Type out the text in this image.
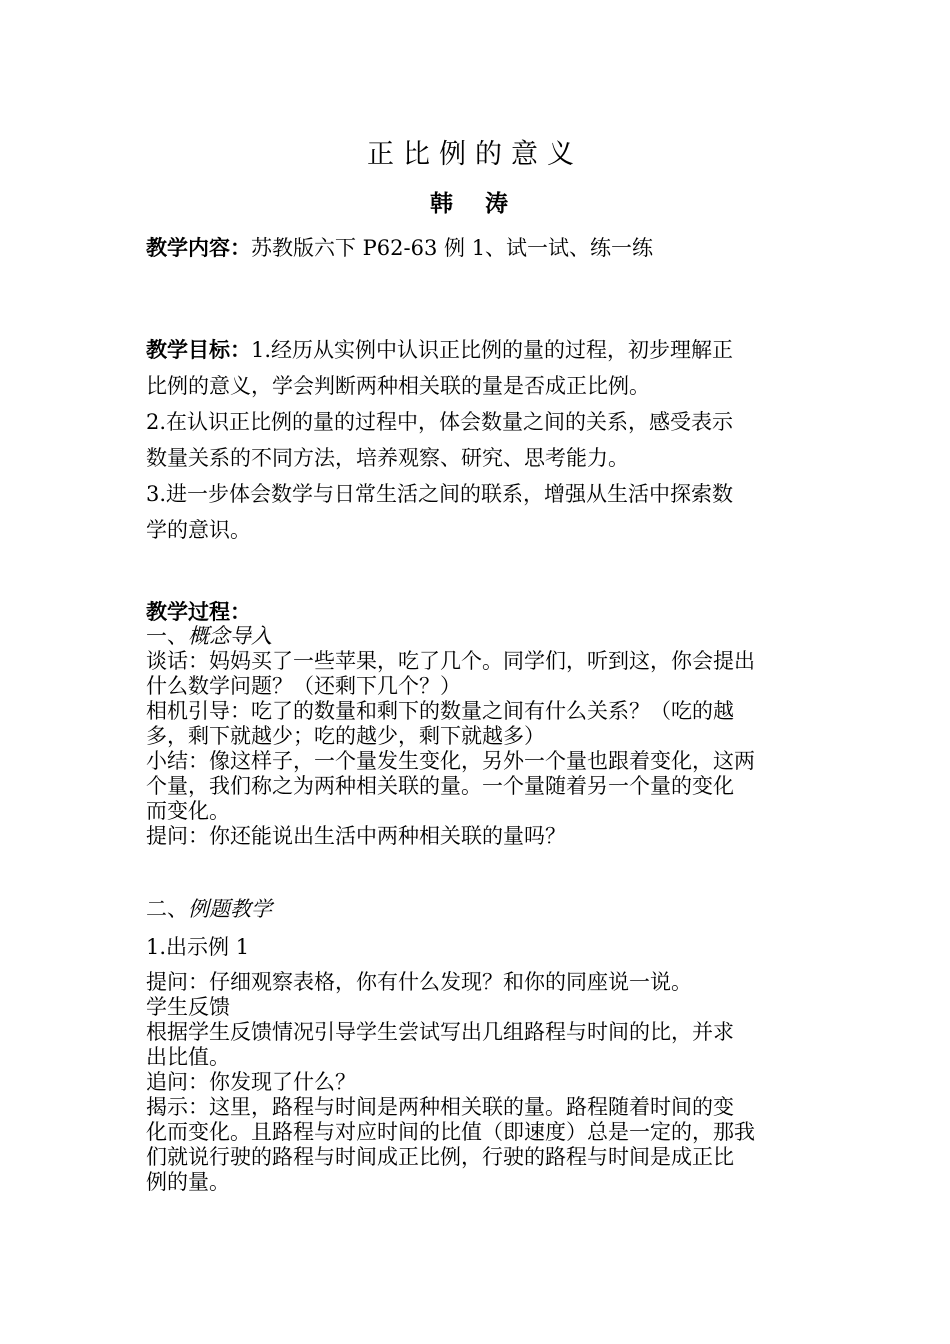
正比例的意义
韩 涛
教学内容：苏教版六下 P62-63 例 1、试一试、练一练

教学目标：1.经历从实例中认识正比例的量的过程，初步理解正

比例的意义，学会判断两种相关联的量是否成正比例。

2.在认识正比例的量的过程中，体会数量之间的关系，感受表示

数量关系的不同方法，培养观察、研究、思考能力。

3.进一步体会数学与日常生活之间的联系，增强从生活中探索数

学的意识。

教学过程：

一、概念导入

谈话：妈妈买了一些苹果，吃了几个。同学们，听到这，你会提出

什么数学问题？（还剩下几个？）

相机引导：吃了的数量和剩下的数量之间有什么关系？（吃的越

多，剩下就越少；吃的越少，剩下就越多）

小结：像这样子，一个量发生变化，另外一个量也跟着变化，这两

个量，我们称之为两种相关联的量。一个量随着另一个量的变化

而变化。

提问：你还能说出生活中两种相关联的量吗？

二、例题教学
1.出示例 1

提问：仔细观察表格，你有什么发现？和你的同座说一说。

学生反馈

根据学生反馈情况引导学生尝试写出几组路程与时间的比，并求

出比值。

追问：你发现了什么？

揭示：这里，路程与时间是两种相关联的量。路程随着时间的变

化而变化。且路程与对应时间的比值（即速度）总是一定的，那我

们就说行驶的路程与时间成正比例，行驶的路程与时间是成正比

例的量。
